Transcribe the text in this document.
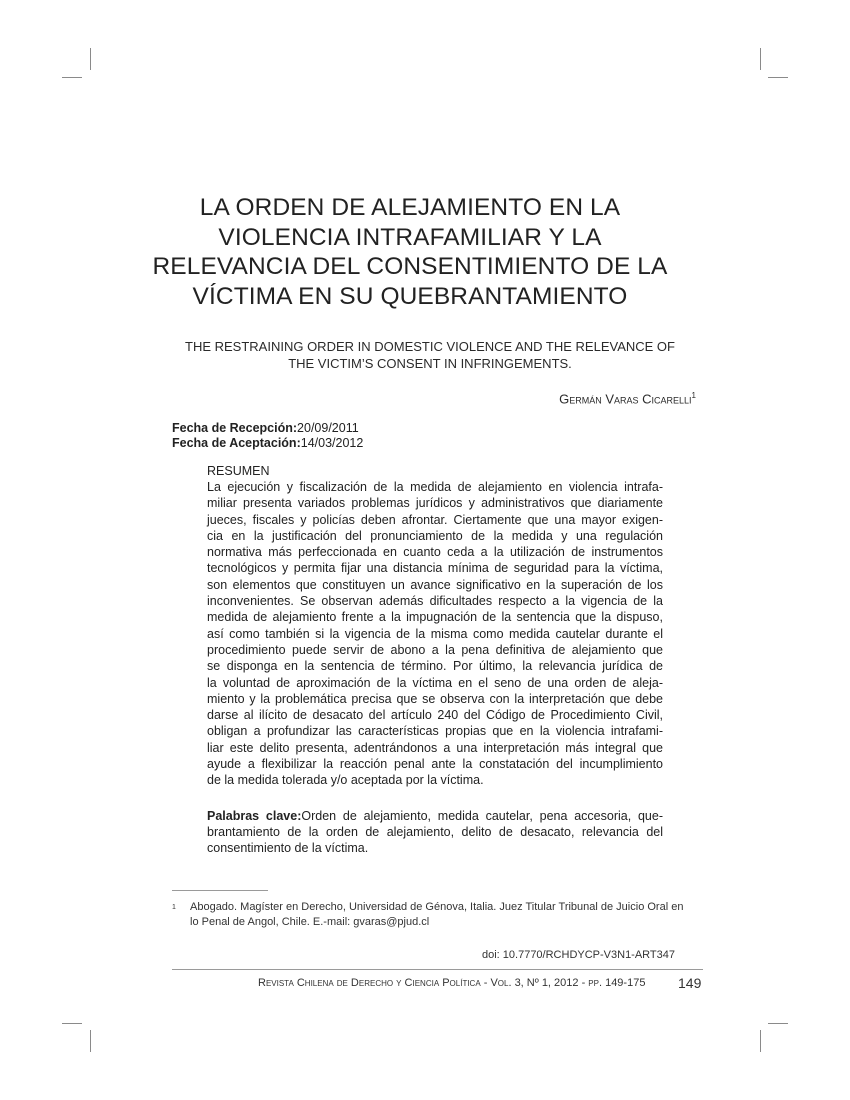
LA ORDEN DE ALEJAMIENTO EN LA
VIOLENCIA INTRAFAMILIAR Y LA
RELEVANCIA DEL CONSENTIMIENTO DE LA
VÍCTIMA EN SU QUEBRANTAMIENTO
THE RESTRAINING ORDER IN DOMESTIC VIOLENCE AND THE RELEVANCE OF
THE VICTIM’S CONSENT IN INFRINGEMENTS.
Germán Varas Cicarelli$^1$
Fecha de Recepción:20/09/2011
Fecha de Aceptación:14/03/2012
RESUMEN
La ejecución y fiscalización de la medida de alejamiento en violencia intrafa-
miliar presenta variados problemas jurídicos y administrativos que diariamente
jueces, fiscales y policías deben afrontar. Ciertamente que una mayor exigen-
cia en la justificación del pronunciamiento de la medida y una regulación
normativa más perfeccionada en cuanto ceda a la utilización de instrumentos
tecnológicos y permita fijar una distancia mínima de seguridad para la víctima,
son elementos que constituyen un avance significativo en la superación de los
inconvenientes. Se observan además dificultades respecto a la vigencia de la
medida de alejamiento frente a la impugnación de la sentencia que la dispuso,
así como también si la vigencia de la misma como medida cautelar durante el
procedimiento puede servir de abono a la pena definitiva de alejamiento que
se disponga en la sentencia de término. Por último, la relevancia jurídica de
la voluntad de aproximación de la víctima en el seno de una orden de aleja-
miento y la problemática precisa que se observa con la interpretación que debe
darse al ilícito de desacato del artículo 240 del Código de Procedimiento Civil,
obligan a profundizar las características propias que en la violencia intrafami-
liar este delito presenta, adentrándonos a una interpretación más integral que
ayude a flexibilizar la reacción penal ante la constatación del incumplimiento
de la medida tolerada y/o aceptada por la víctima.
Palabras clave:Orden de alejamiento, medida cautelar, pena accesoria, que-
brantamiento de la orden de alejamiento, delito de desacato, relevancia del
consentimiento de la víctima.
1 Abogado. Magíster en Derecho, Universidad de Génova, Italia. Juez Titular Tribunal de Juicio Oral en
lo Penal de Angol, Chile. E.-mail: gvaras@pjud.cl
doi: 10.7770/RCHDYCP-V3N1-ART347
Revista Chilena de Derecho y Ciencia Política - Vol. 3, Nº 1, 2012 - pp. 149-175 149
